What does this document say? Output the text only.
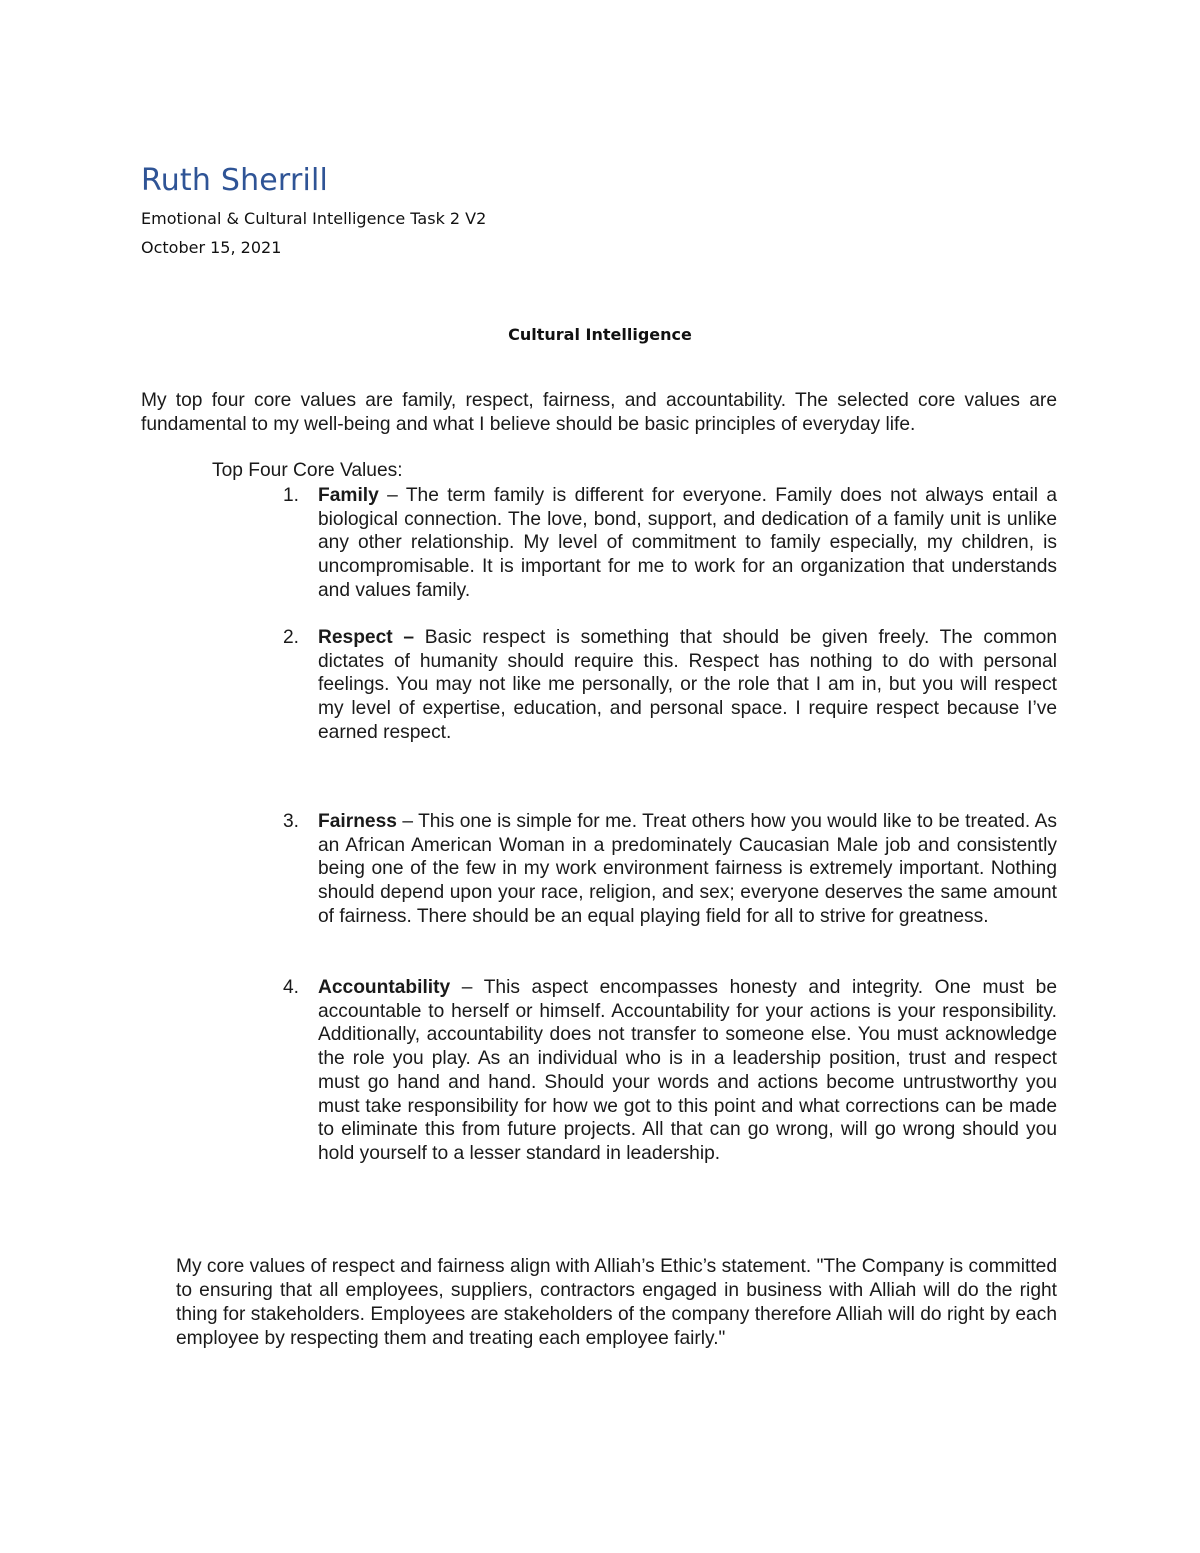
Ruth Sherrill
Emotional & Cultural Intelligence Task 2 V2
October 15, 2021
Cultural Intelligence

My top four core values are family, respect, fairness, and accountability. The selected core values are fundamental to my well-being and what I believe should be basic principles of everyday life.

Top Four Core Values:
1. Family – The term family is different for everyone. Family does not always entail a biological connection. The love, bond, support, and dedication of a family unit is unlike any other relationship. My level of commitment to family especially, my children, is uncompromisable. It is important for me to work for an organization that understands and values family.

2. Respect – Basic respect is something that should be given freely. The common dictates of humanity should require this. Respect has nothing to do with personal feelings. You may not like me personally, or the role that I am in, but you will respect my level of expertise, education, and personal space. I require respect because I’ve earned respect.

3. Fairness – This one is simple for me. Treat others how you would like to be treated. As an African American Woman in a predominately Caucasian Male job and consistently being one of the few in my work environment fairness is extremely important. Nothing should depend upon your race, religion, and sex; everyone deserves the same amount of fairness. There should be an equal playing field for all to strive for greatness.

4. Accountability – This aspect encompasses honesty and integrity. One must be accountable to herself or himself. Accountability for your actions is your responsibility. Additionally, accountability does not transfer to someone else. You must acknowledge the role you play. As an individual who is in a leadership position, trust and respect must go hand and hand. Should your words and actions become untrustworthy you must take responsibility for how we got to this point and what corrections can be made to eliminate this from future projects. All that can go wrong, will go wrong should you hold yourself to a lesser standard in leadership.

My core values of respect and fairness align with Alliah’s Ethic’s statement. "The Company is committed to ensuring that all employees, suppliers, contractors engaged in business with Alliah will do the right thing for stakeholders. Employees are stakeholders of the company therefore Alliah will do right by each employee by respecting them and treating each employee fairly."
